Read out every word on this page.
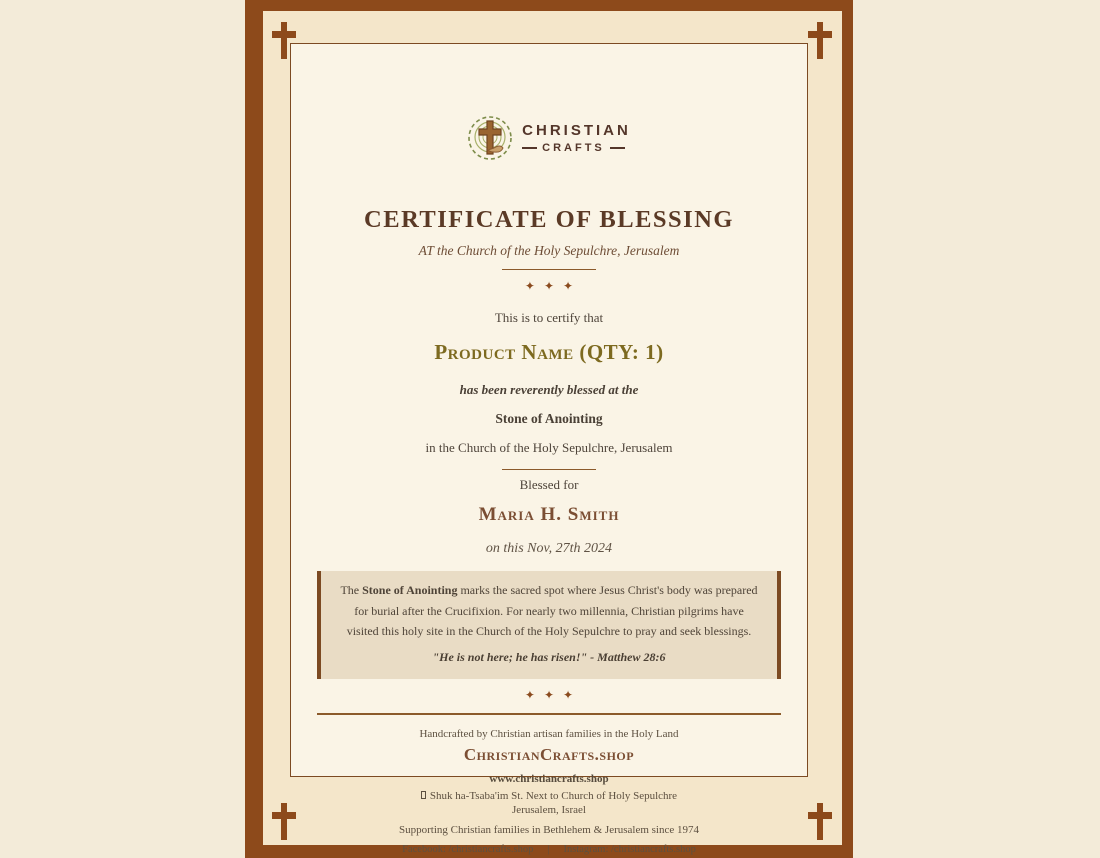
CHRISTIAN
CRAFTS
CERTIFICATE OF BLESSING
AT the Church of the Holy Sepulchre, Jerusalem
✦✦✦
This is to certify that
Product Name (QTY: 1)
has been reverently blessed at the
Stone of Anointing
in the Church of the Holy Sepulchre, Jerusalem
Blessed for
Maria H. Smith
on this Nov, 27th 2024
The Stone of Anointing marks the sacred spot where Jesus Christ's body was prepared for burial after the Crucifixion. For nearly two millennia, Christian pilgrims have visited this holy site in the Church of the Holy Sepulchre to pray and seek blessings.
"He is not here; he has risen!" - Matthew 28:6
✦✦✦
Handcrafted by Christian artisan families in the Holy Land
ChristianCrafts.shop
www.christiancrafts.shop
Shuk ha-Tsaba'im St. Next to Church of Holy Sepulchre
Jerusalem, Israel
Supporting Christian families in Bethlehem & Jerusalem since 1974
Facebook: /christiancrafts.shop | Instagram: /christiancrafts.shop
